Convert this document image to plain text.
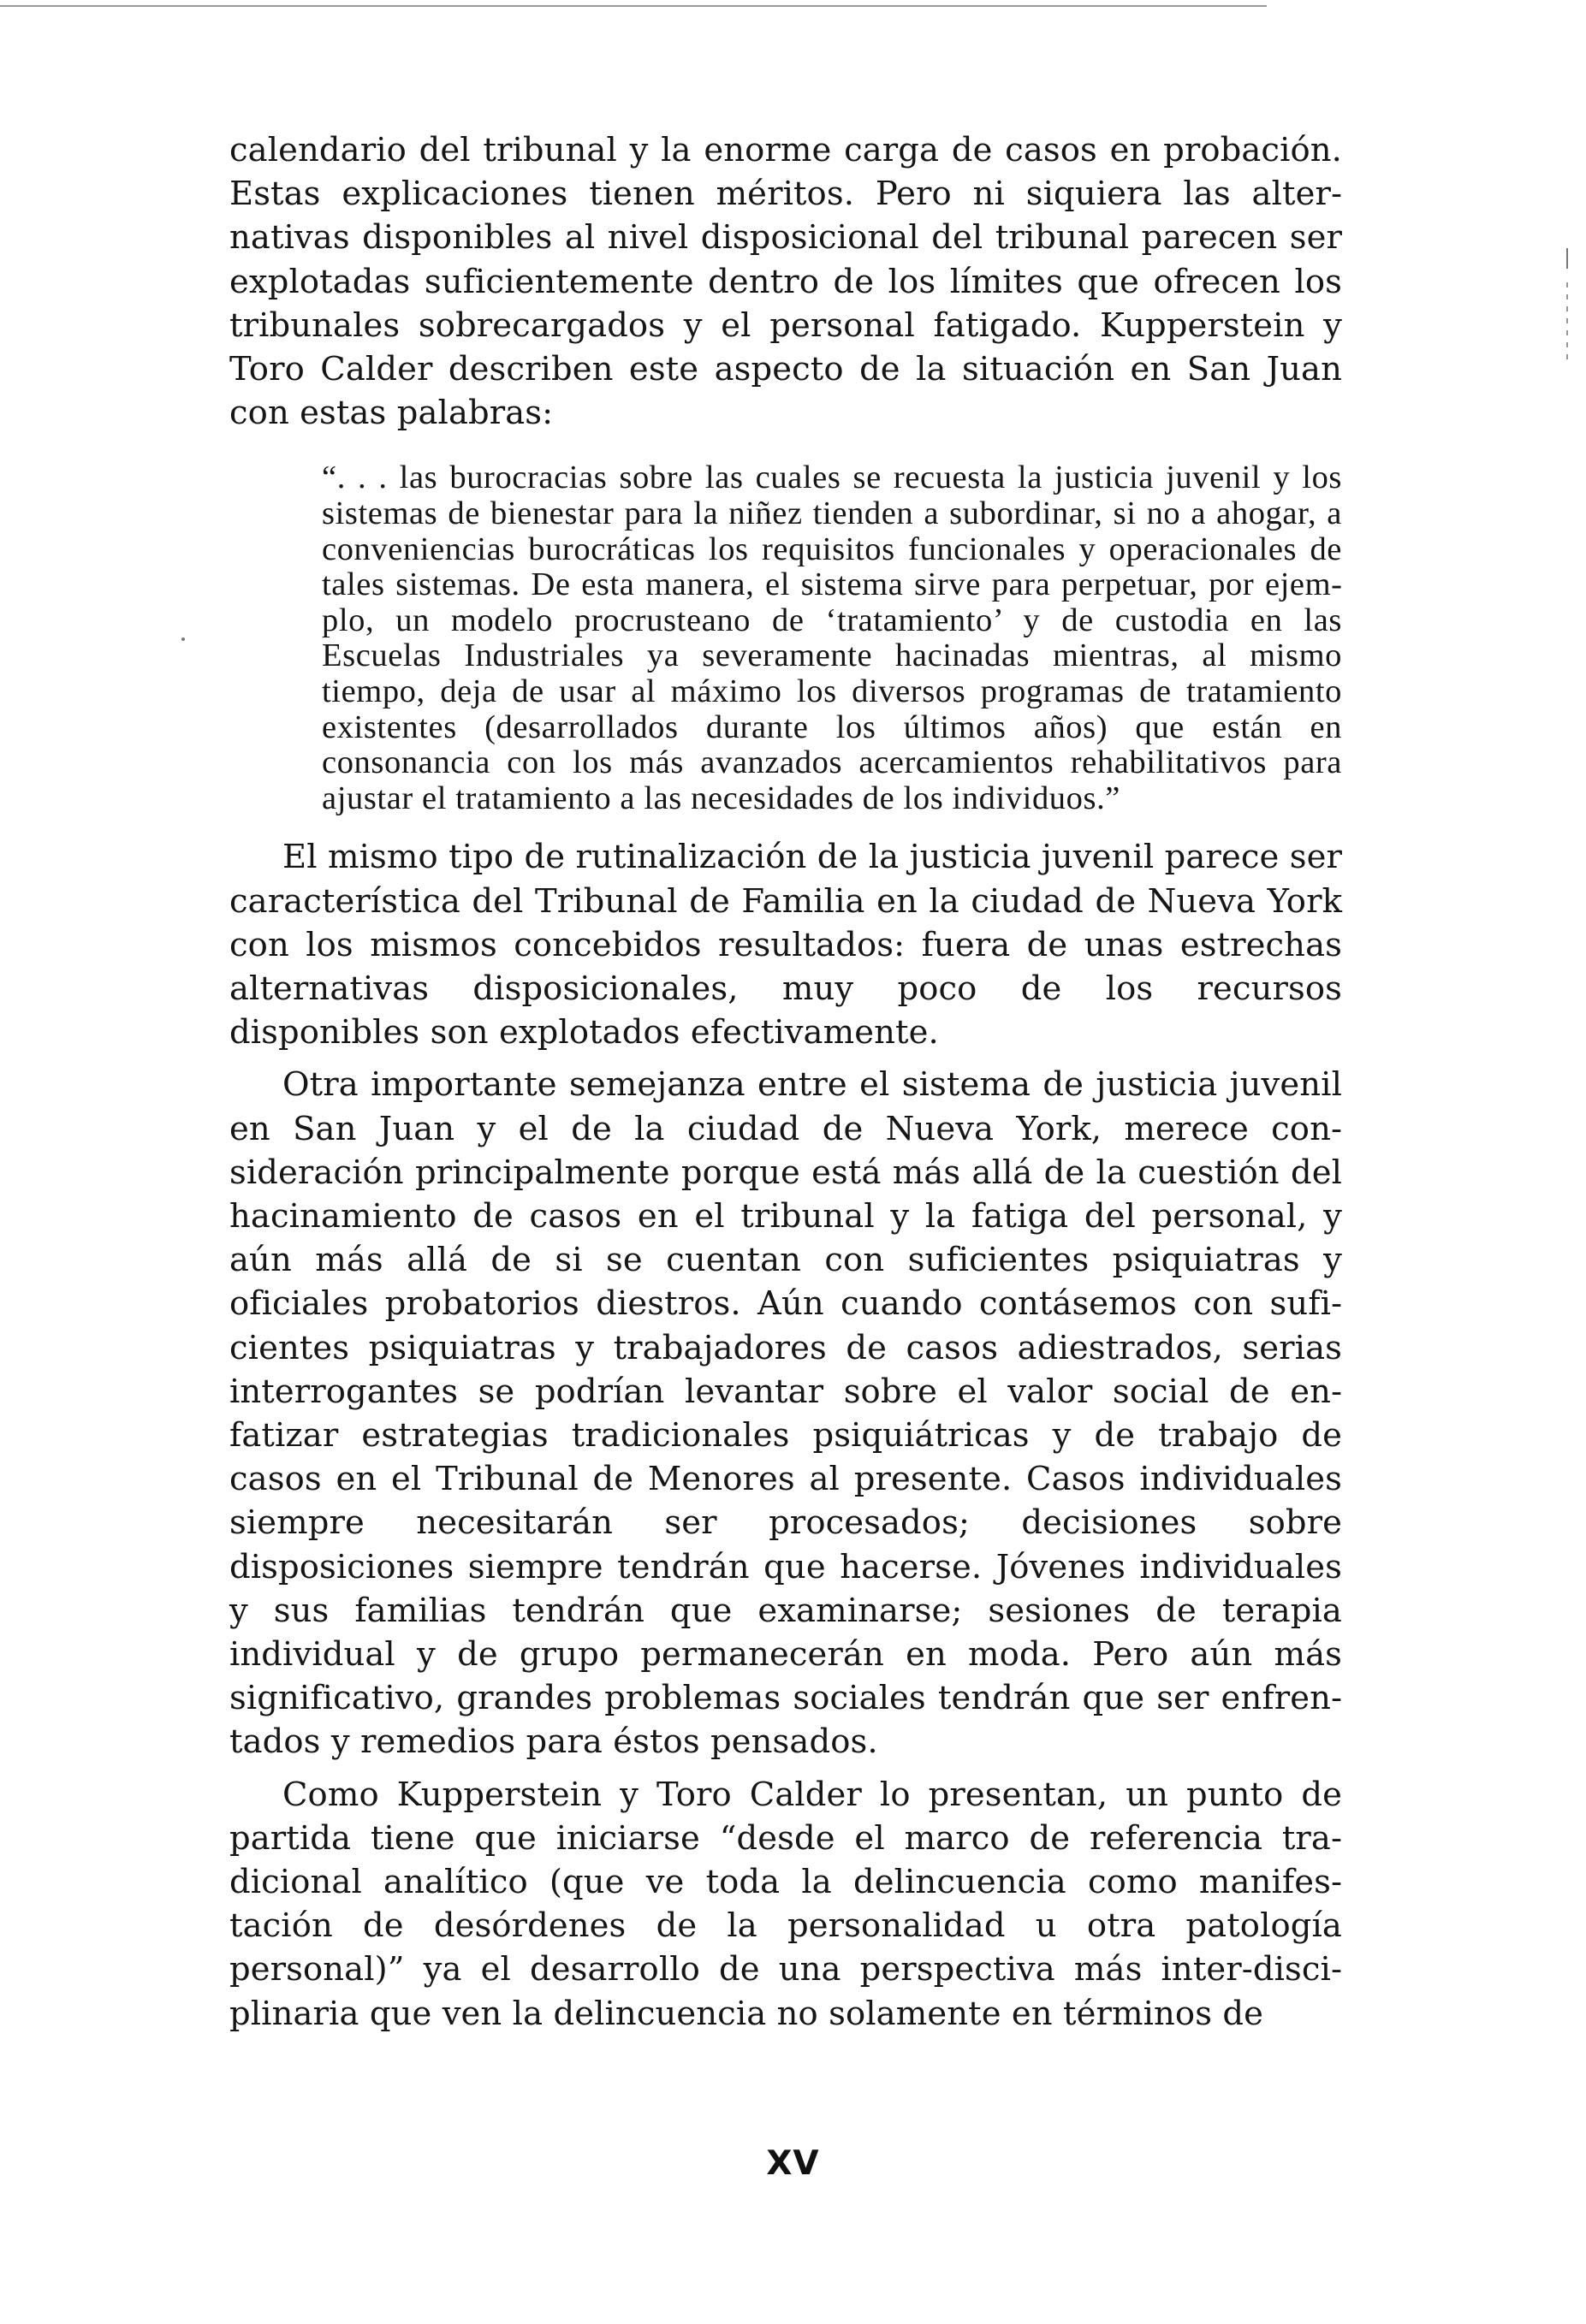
calendario del tribunal y la enorme carga de casos en probación. Estas explicaciones tienen méritos. Pero ni siquiera las alternativas disponibles al nivel disposicional del tribunal parecen ser explotadas suficientemente dentro de los límites que ofrecen los tribunales sobrecargados y el personal fatigado. Kupperstein y Toro Calder describen este aspecto de la situación en San Juan con estas palabras:

“. . . las burocracias sobre las cuales se recuesta la justicia juvenil y los sistemas de bienestar para la niñez tienden a subordinar, si no a ahogar, a conveniencias burocráticas los requisitos funcionales y operacionales de tales sistemas. De esta manera, el sistema sirve para perpetuar, por ejemplo, un modelo procrusteano de ‘tratamiento’ y de custodia en las Escuelas Industriales ya severamente hacinadas mientras, al mismo tiempo, deja de usar al máximo los diversos programas de tratamiento existentes (desarrollados durante los últimos años) que están en consonancia con los más avanzados acercamientos rehabilitativos para ajustar el tratamiento a las necesidades de los individuos.”

El mismo tipo de rutinalización de la justicia juvenil parece ser característica del Tribunal de Familia en la ciudad de Nueva York con los mismos concebidos resultados: fuera de unas estrechas alternativas disposicionales, muy poco de los recursos disponibles son explotados efectivamente.

Otra importante semejanza entre el sistema de justicia juvenil en San Juan y el de la ciudad de Nueva York, merece consideración principalmente porque está más allá de la cuestión del hacinamiento de casos en el tribunal y la fatiga del personal, y aún más allá de si se cuentan con suficientes psiquiatras y oficiales probatorios diestros. Aún cuando contásemos con suficientes psiquiatras y trabajadores de casos adiestrados, serias interrogantes se podrían levantar sobre el valor social de enfatizar estrategias tradicionales psiquiátricas y de trabajo de casos en el Tribunal de Menores al presente. Casos individuales siempre necesitarán ser procesados; decisiones sobre disposiciones siempre tendrán que hacerse. Jóvenes individuales y sus familias tendrán que examinarse; sesiones de terapia individual y de grupo permanecerán en moda. Pero aún más significativo, grandes problemas sociales tendrán que ser enfrentados y remedios para éstos pensados.

Como Kupperstein y Toro Calder lo presentan, un punto de partida tiene que iniciarse “desde el marco de referencia tradicional analítico (que ve toda la delincuencia como manifestación de desórdenes de la personalidad u otra patología personal)” ya el desarrollo de una perspectiva más inter-disciplinaria que ven la delincuencia no solamente en términos de

XV
